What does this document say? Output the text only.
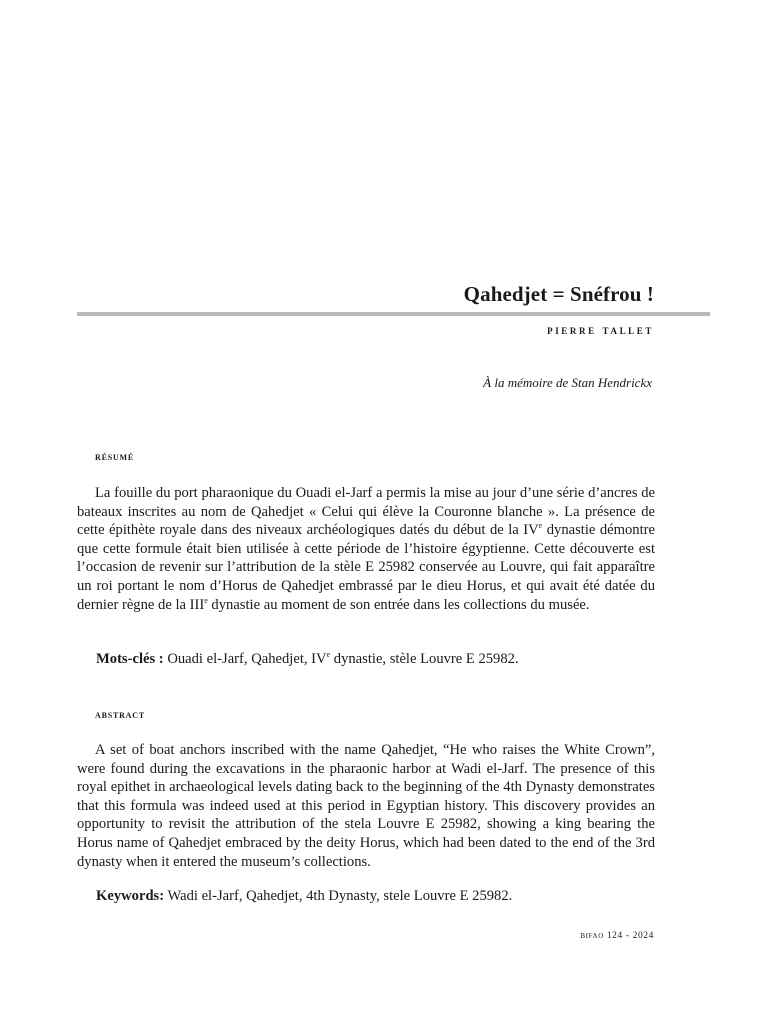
Qahedjet = Snéfrou !
pierre tallet
À la mémoire de Stan Hendrickx
résumé

La fouille du port pharaonique du Ouadi el-Jarf a permis la mise au jour d’une série d’ancres de bateaux inscrites au nom de Qahedjet « Celui qui élève la Couronne blanche ». La présence de cette épithète royale dans des niveaux archéologiques datés du début de la IVe dynastie démontre que cette formule était bien utilisée à cette période de l’histoire égyptienne. Cette découverte est l’occasion de revenir sur l’attribution de la stèle E 25982 conservée au Louvre, qui fait apparaître un roi portant le nom d’Horus de Qahedjet embrassé par le dieu Horus, et qui avait été datée du dernier règne de la IIIe dynastie au moment de son entrée dans les collections du musée.

Mots-clés : Ouadi el-Jarf, Qahedjet, IVe dynastie, stèle Louvre E 25982.
abstract

A set of boat anchors inscribed with the name Qahedjet, “He who raises the White Crown”, were found during the excavations in the pharaonic harbor at Wadi el-Jarf. The presence of this royal epithet in archaeological levels dating back to the beginning of the 4th Dynasty demonstrates that this formula was indeed used at this period in Egyptian history. This discovery provides an opportunity to revisit the attribution of the stela Louvre E 25982, showing a king bearing the Horus name of Qahedjet embraced by the deity Horus, which had been dated to the end of the 3rd dynasty when it entered the museum’s collections.

Keywords: Wadi el-Jarf, Qahedjet, 4th Dynasty, stele Louvre E 25982.
bifao 124 - 2024
